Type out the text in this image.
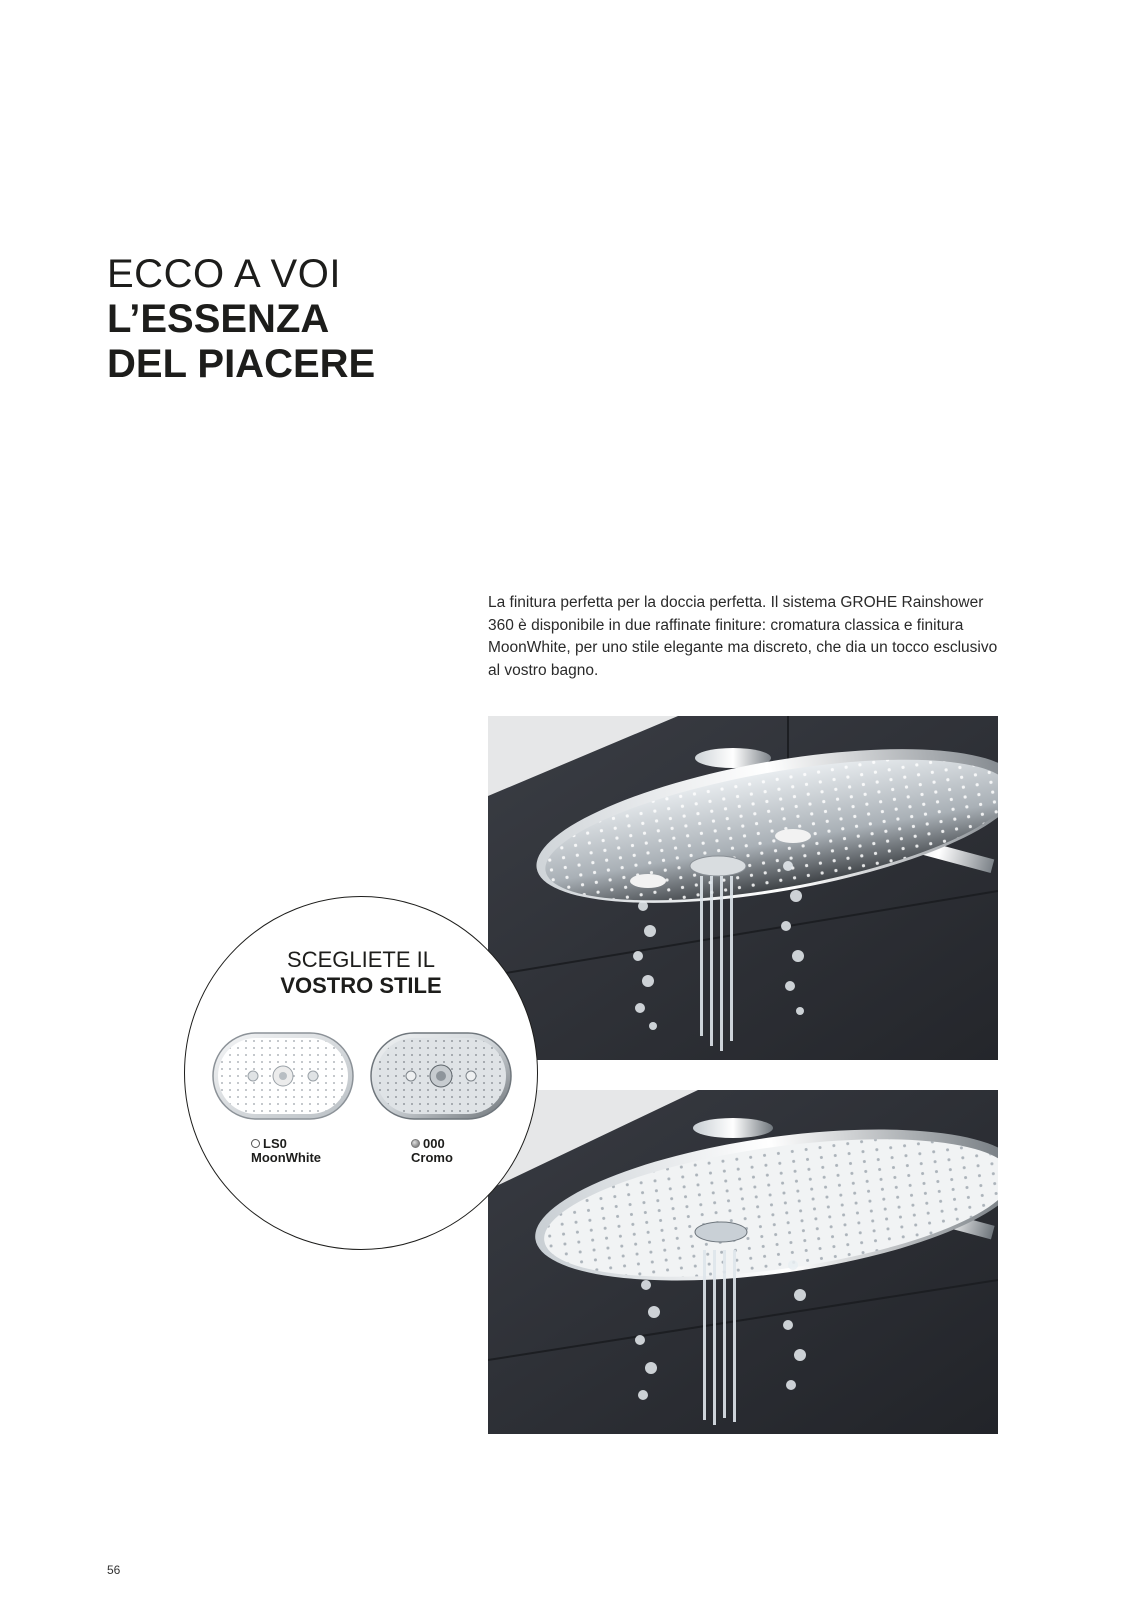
ECCO A VOI
L’ESSENZA
DEL PIACERE

La finitura perfetta per la doccia perfetta. Il sistema GROHE Rainshower 360 è disponibile in due raffinate finiture: cromatura classica e finitura MoonWhite, per uno stile elegante ma discreto, che dia un tocco esclusivo al vostro bagno.

SCEGLIETE IL
VOSTRO STILE
LS0
MoonWhite
000
Cromo
56
